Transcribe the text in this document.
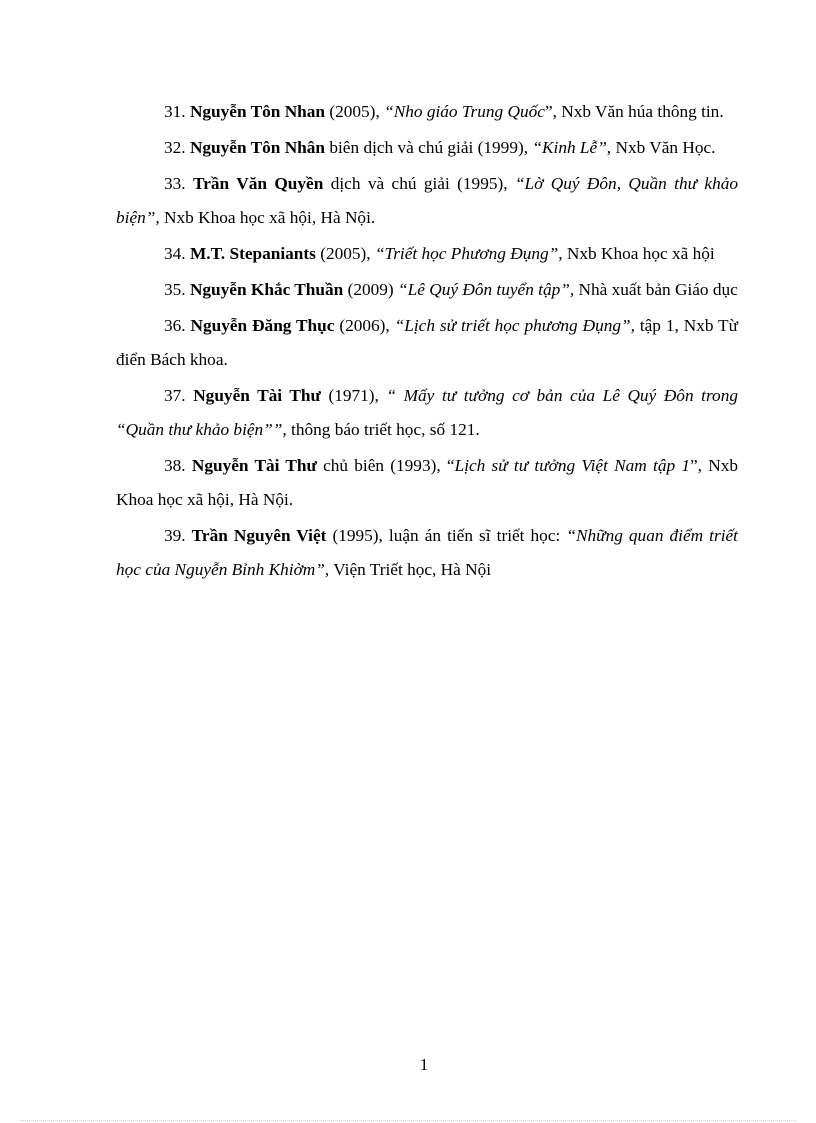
31. Nguyễn Tôn Nhan (2005), “Nho giáo Trung Quốc”, Nxb Văn húa thông tin.

32. Nguyễn Tôn Nhân biên dịch và chú giải (1999), “Kinh Lễ”, Nxb Văn Học.

33. Trần Văn Quyền dịch và chú giải (1995), “Lờ Quý Đôn, Quần thư khảo biện”, Nxb Khoa học xã hội, Hà Nội.

34. M.T. Stepaniants (2005), “Triết học Phương Đụng”, Nxb Khoa học xã hội

35. Nguyễn Khắc Thuần (2009) “Lê Quý Đôn tuyển tập”, Nhà xuất bản Giáo dục

36. Nguyễn Đăng Thục (2006), “Lịch sử triết học phương Đụng”, tập 1, Nxb Từ điển Bách khoa.

37. Nguyễn Tài Thư (1971), “ Mấy tư tưởng cơ bản của Lê Quý Đôn trong “Quần thư khảo biện””, thông báo triết học, số 121.

38. Nguyễn Tài Thư chủ biên (1993), “Lịch sử tư tưởng Việt Nam tập 1”, Nxb Khoa học xã hội, Hà Nội.

39. Trần Nguyên Việt (1995), luận án tiến sĩ triết học: “Những quan điểm triết học của Nguyễn Bỉnh Khiờm”, Viện Triết học, Hà Nội

1
